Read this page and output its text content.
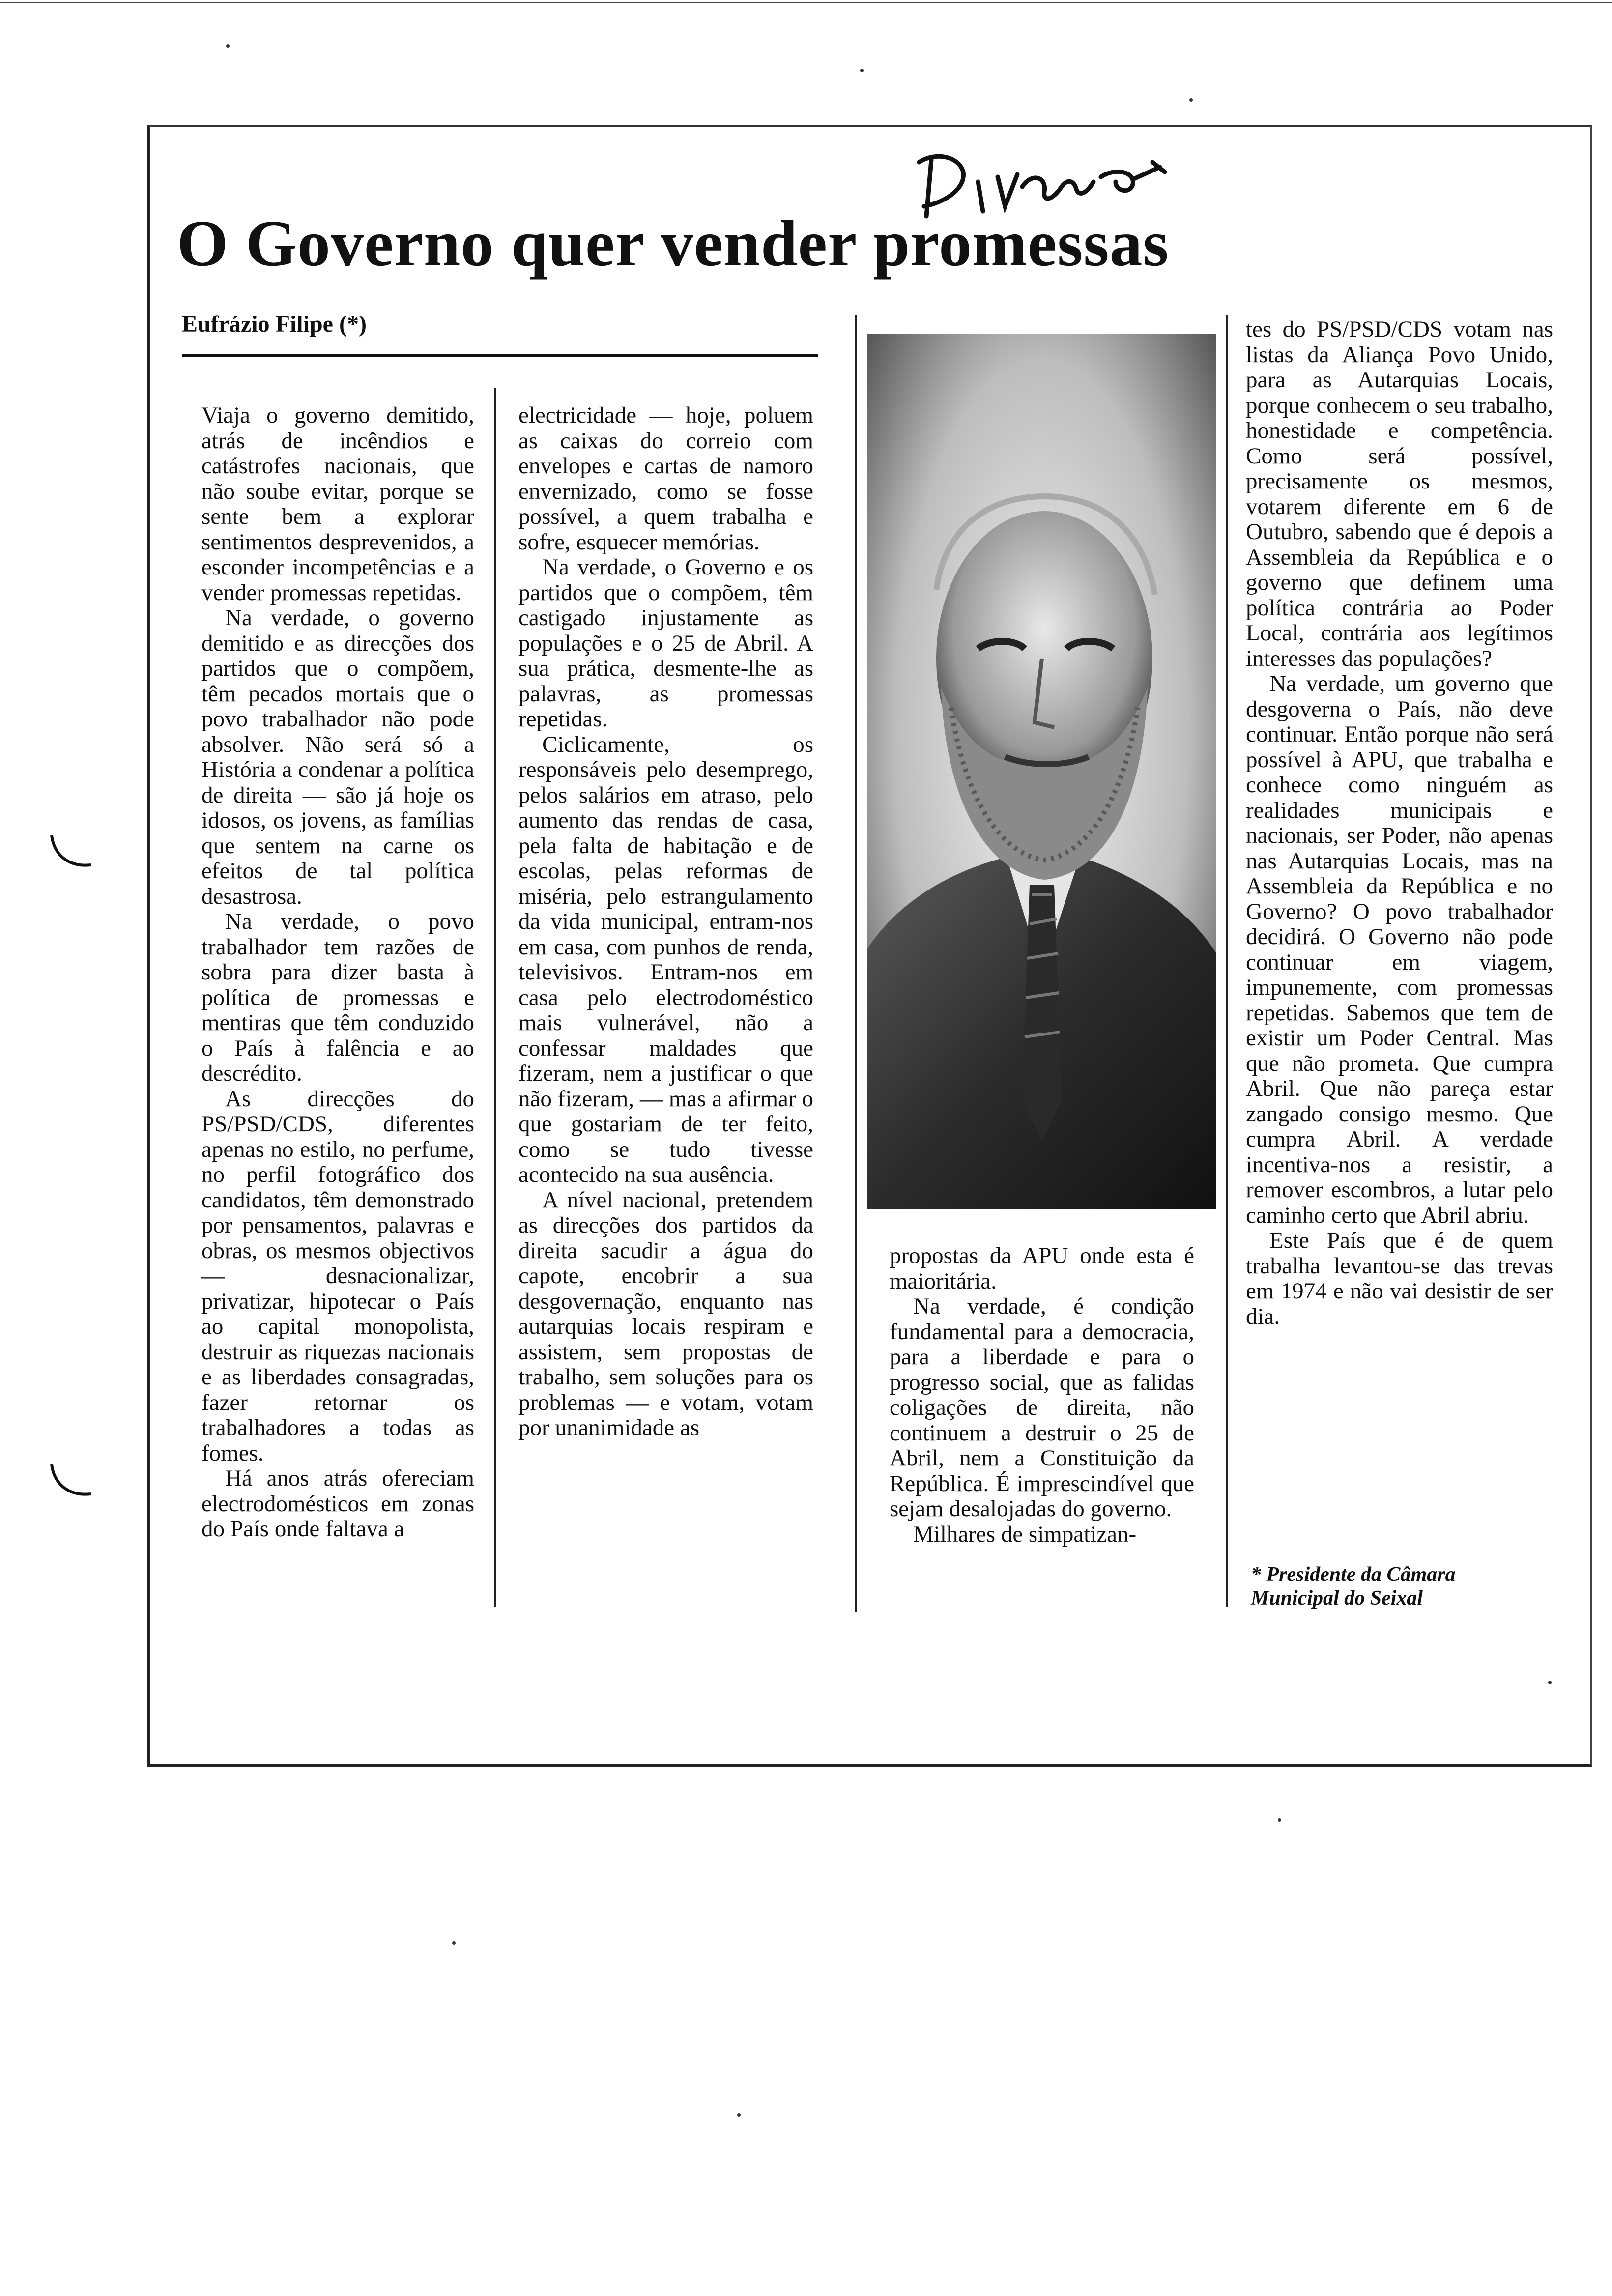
Diário
O Governo quer vender promessas
Eufrázio Filipe (*)

Viaja o governo demitido, atrás de incêndios e catástrofes nacionais, que não soube evitar, porque se sente bem a explorar sentimentos desprevenidos, a esconder incompetências e a vender promessas repetidas.

Na verdade, o governo demitido e as direcções dos partidos que o compõem, têm pecados mortais que o povo trabalhador não pode absolver. Não será só a História a condenar a política de direita — são já hoje os idosos, os jovens, as famílias que sentem na carne os efeitos de tal política desastrosa.

Na verdade, o povo trabalhador tem razões de sobra para dizer basta à política de promessas e mentiras que têm conduzido o País à falência e ao descrédito.

As direcções do PS/PSD/CDS, diferentes apenas no estilo, no perfume, no perfil fotográfico dos candidatos, têm demonstrado por pensamentos, palavras e obras, os mesmos objectivos — desnacionalizar, privatizar, hipotecar o País ao capital monopolista, destruir as riquezas nacionais e as liberdades consagradas, fazer retornar os trabalhadores a todas as fomes.

Há anos atrás ofereciam electrodomésticos em zonas do País onde faltava a

electricidade — hoje, poluem as caixas do correio com envelopes e cartas de namoro envernizado, como se fosse possível, a quem trabalha e sofre, esquecer memórias.

Na verdade, o Governo e os partidos que o compõem, têm castigado injustamente as populações e o 25 de Abril. A sua prática, desmente-lhe as palavras, as promessas repetidas.

Ciclicamente, os responsáveis pelo desemprego, pelos salários em atraso, pelo aumento das rendas de casa, pela falta de habitação e de escolas, pelas reformas de miséria, pelo estrangulamento da vida municipal, entram-nos em casa, com punhos de renda, televisivos. Entram-nos em casa pelo electrodoméstico mais vulnerável, não a confessar maldades que fizeram, nem a justificar o que não fizeram, — mas a afirmar o que gostariam de ter feito, como se tudo tivesse acontecido na sua ausência.

A nível nacional, pretendem as direcções dos partidos da direita sacudir a água do capote, encobrir a sua desgovernação, enquanto nas autarquias locais respiram e assistem, sem propostas de trabalho, sem soluções para os problemas — e votam, votam por unanimidade as

propostas da APU onde esta é maioritária.

Na verdade, é condição fundamental para a democracia, para a liberdade e para o progresso social, que as falidas coligações de direita, não continuem a destruir o 25 de Abril, nem a Constituição da República. É imprescindível que sejam desalojadas do governo.

Milhares de simpatizan-

tes do PS/PSD/CDS votam nas listas da Aliança Povo Unido, para as Autarquias Locais, porque conhecem o seu trabalho, honestidade e competência. Como será possível, precisamente os mesmos, votarem diferente em 6 de Outubro, sabendo que é depois a Assembleia da República e o governo que definem uma política contrária ao Poder Local, contrária aos legítimos interesses das populações?

Na verdade, um governo que desgoverna o País, não deve continuar. Então porque não será possível à APU, que trabalha e conhece como ninguém as realidades municipais e nacionais, ser Poder, não apenas nas Autarquias Locais, mas na Assembleia da República e no Governo? O povo trabalhador decidirá. O Governo não pode continuar em viagem, impunemente, com promessas repetidas. Sabemos que tem de existir um Poder Central. Mas que não prometa. Que cumpra Abril. Que não pareça estar zangado consigo mesmo. Que cumpra Abril. A verdade incentiva-nos a resistir, a remover escombros, a lutar pelo caminho certo que Abril abriu.

Este País que é de quem trabalha levantou-se das trevas em 1974 e não vai desistir de ser dia.

* Presidente da Câmara

Municipal do Seixal
